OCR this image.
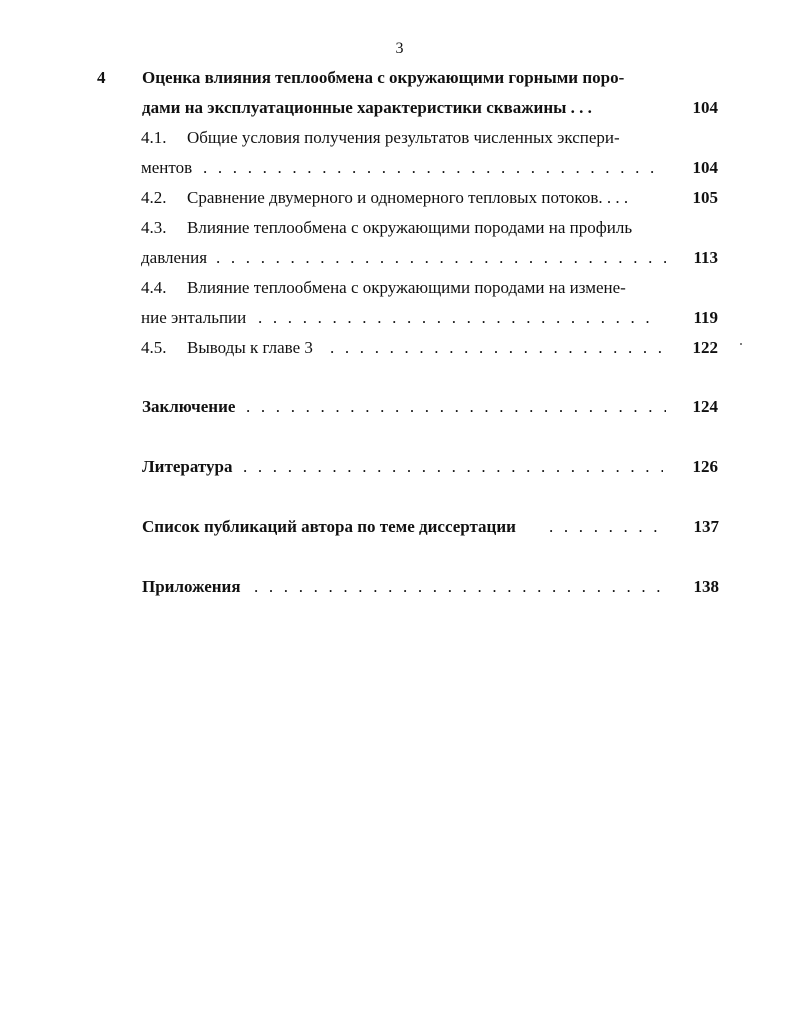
3
4 Оценка влияния теплообмена с окружающими горными поро-
дами на эксплуатационные характеристики скважины . . .	104
4.1. Общие условия получения результатов численных экспери-
ментов . . .	104
4.2. Сравнение двумерного и одномерного тепловых потоков. . . .	105
4.3. Влияние теплообмена с окружающими породами на профиль
давления . . .	113
4.4. Влияние теплообмена с окружающими породами на измене-
ние энтальпии . . .	119
4.5. Выводы к главе 3 . . .	122
Заключение . . .	124
Литература . . .	126
Список публикаций автора по теме диссертации . . .	137
Приложения . . .	138
